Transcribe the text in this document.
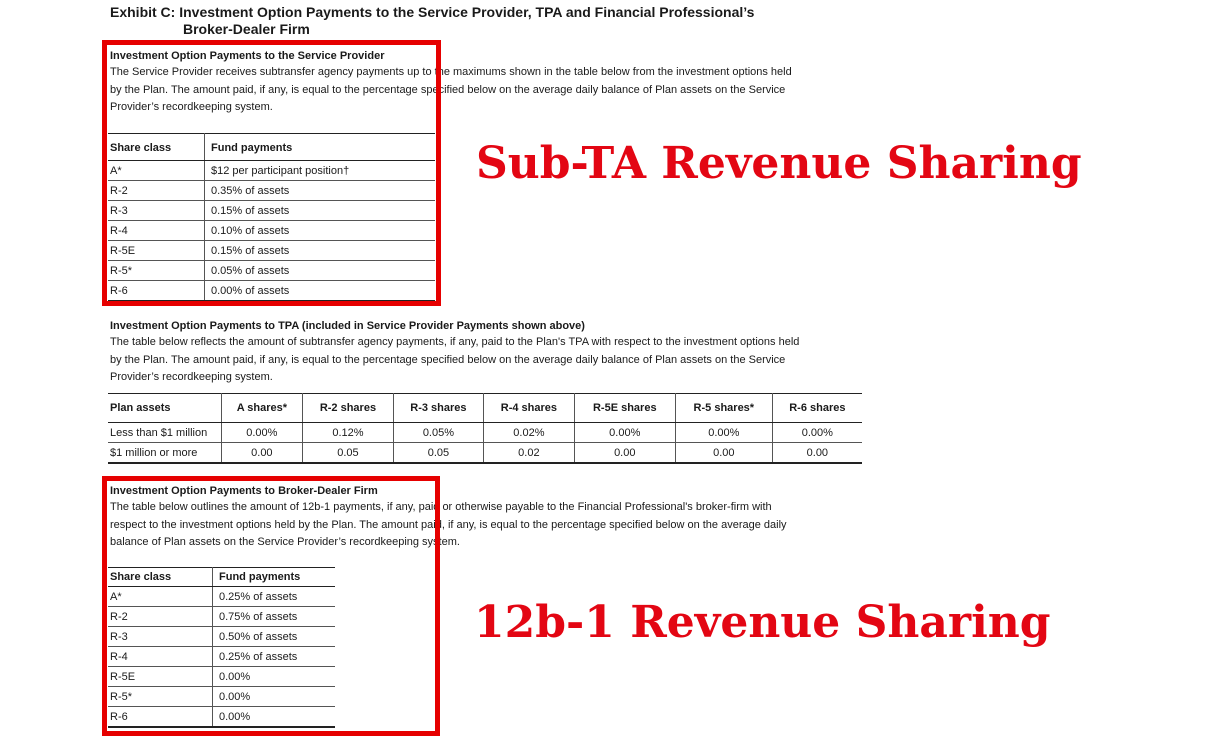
Exhibit C: Investment Option Payments to the Service Provider, TPA and Financial Professional’s
Broker-Dealer Firm
Investment Option Payments to the Service Provider
The Service Provider receives subtransfer agency payments up to the maximums shown in the table below from the investment options held
by the Plan. The amount paid, if any, is equal to the percentage specified below on the average daily balance of Plan assets on the Service
Provider’s recordkeeping system.
Share class	Fund payments
A*	$12 per participant position†
R-2	0.35% of assets
R-3	0.15% of assets
R-4	0.10% of assets
R-5E	0.15% of assets
R-5*	0.05% of assets
R-6	0.00% of assets
Investment Option Payments to TPA (included in Service Provider Payments shown above)
The table below reflects the amount of subtransfer agency payments, if any, paid to the Plan's TPA with respect to the investment options held
by the Plan. The amount paid, if any, is equal to the percentage specified below on the average daily balance of Plan assets on the Service
Provider’s recordkeeping system.
Plan assets	A shares*	R-2 shares	R-3 shares	R-4 shares	R-5E shares	R-5 shares*	R-6 shares
Less than $1 million	0.00%	0.12%	0.05%	0.02%	0.00%	0.00%	0.00%
$1 million or more	0.00	0.05	0.05	0.02	0.00	0.00	0.00
Investment Option Payments to Broker-Dealer Firm
The table below outlines the amount of 12b-1 payments, if any, paid or otherwise payable to the Financial Professional's broker-firm with
respect to the investment options held by the Plan. The amount paid, if any, is equal to the percentage specified below on the average daily
balance of Plan assets on the Service Provider’s recordkeeping system.
Share class	Fund payments
A*	0.25% of assets
R-2	0.75% of assets
R-3	0.50% of assets
R-4	0.25% of assets
R-5E	0.00%
R-5*	0.00%
R-6	0.00%
Sub-TA Revenue Sharing
12b-1 Revenue Sharing
